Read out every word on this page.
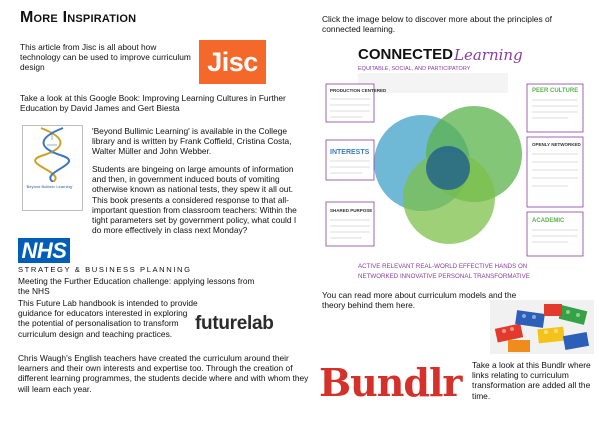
More Inspiration
This article from Jisc is all about how technology can be used to improve curriculum design	Jisc
Take a look at this Google Book: Improving Learning Cultures in Further Education by David James and Gert Biesta
'Beyond Bullimic Learning'
'Beyond Bullimic Learning' is available in the College library and is written by Frank Coffield, Cristina Costa, Walter Müller and John Webber.
Students are bingeing on large amounts of information and then, in government induced bouts of vomiting otherwise known as national tests, they spew it all out. This book presents a considered response to that all-important question from classroom teachers: Within the tight parameters set by government policy, what could I do more effectively in class next Monday?
NHS
STRATEGY & BUSINESS PLANNING
Meeting the Further Education challenge: applying lessons from the NHS
This Future Lab handbook is intended to provide guidance for educators interested in exploring the potential of personalisation to transform curriculum design and teaching practices.	futurelab
Chris Waugh's English teachers have created the curriculum around their learners and their own interests and expertise too. Through the creation of different learning programmes, the students decide where and with whom they will learn each year.
Click the image below to discover more about the principles of connected learning.
CONNECTED Learning
EQUITABLE, SOCIAL, AND PARTICIPATORY
PRODUCTION CENTERED
INTERESTS
SHARED PURPOSE
PEER CULTURE
OPENLY NETWORKED
ACADEMIC
ACTIVE RELEVANT REAL-WORLD EFFECTIVE HANDS ON
NETWORKED INNOVATIVE PERSONAL TRANSFORMATIVE
You can read more about curriculum models and the theory behind them here.
Bundlr Take a look at this Bundlr where links relating to curriculum transformation are added all the time.
